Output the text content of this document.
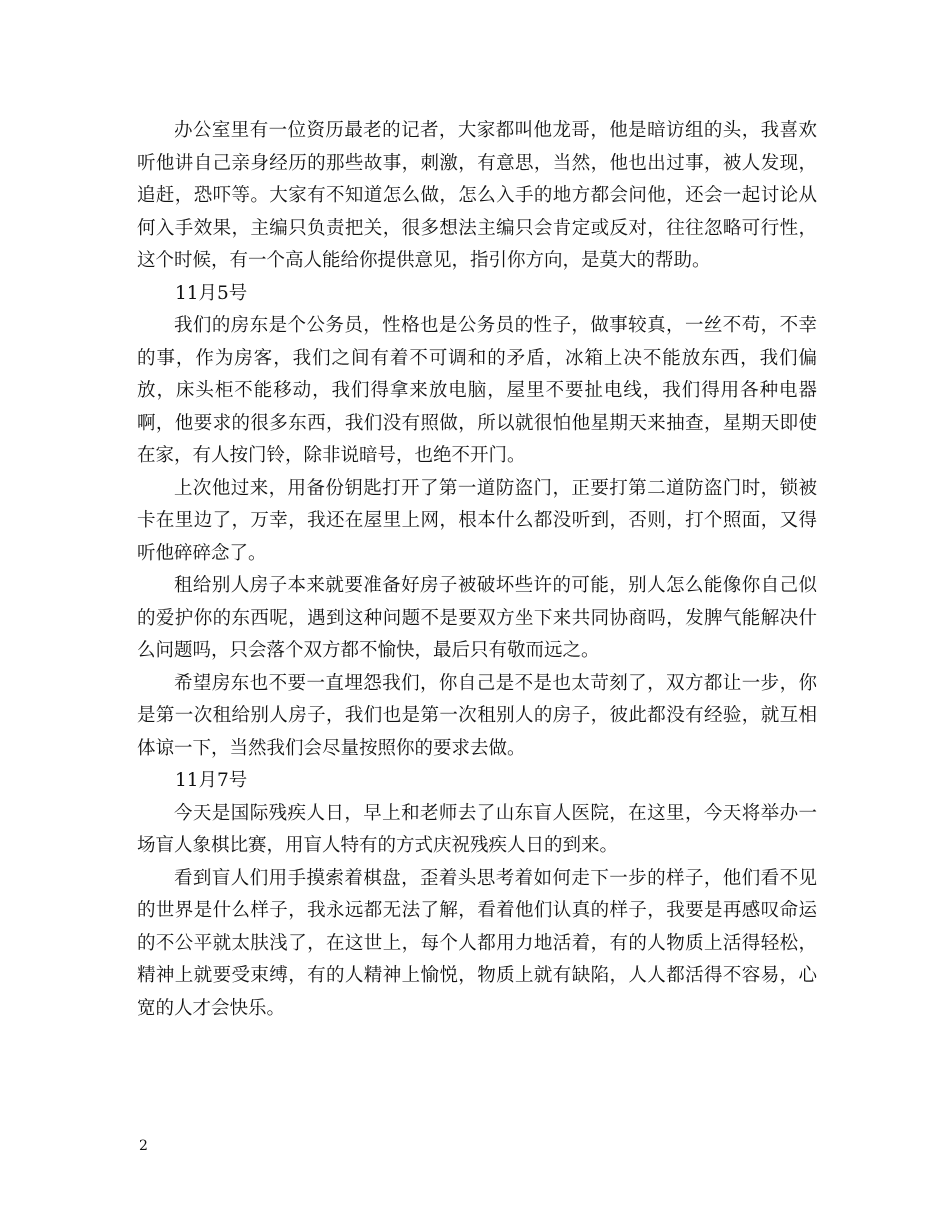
办公室里有一位资历最老的记者，大家都叫他龙哥，他是暗访组的头，我喜欢听他讲自己亲身经历的那些故事，刺激，有意思，当然，他也出过事，被人发现，追赶，恐吓等。大家有不知道怎么做，怎么入手的地方都会问他，还会一起讨论从何入手效果，主编只负责把关，很多想法主编只会肯定或反对，往往忽略可行性，这个时候，有一个高人能给你提供意见，指引你方向，是莫大的帮助。

11月5号

我们的房东是个公务员，性格也是公务员的性子，做事较真，一丝不苟，不幸的事，作为房客，我们之间有着不可调和的矛盾，冰箱上决不能放东西，我们偏放，床头柜不能移动，我们得拿来放电脑，屋里不要扯电线，我们得用各种电器啊，他要求的很多东西，我们没有照做，所以就很怕他星期天来抽查，星期天即使在家，有人按门铃，除非说暗号，也绝不开门。

上次他过来，用备份钥匙打开了第一道防盗门，正要打第二道防盗门时，锁被卡在里边了，万幸，我还在屋里上网，根本什么都没听到，否则，打个照面，又得听他碎碎念了。

租给别人房子本来就要准备好房子被破坏些许的可能，别人怎么能像你自己似的爱护你的东西呢，遇到这种问题不是要双方坐下来共同协商吗，发脾气能解决什么问题吗，只会落个双方都不愉快，最后只有敬而远之。

希望房东也不要一直埋怨我们，你自己是不是也太苛刻了，双方都让一步，你是第一次租给别人房子，我们也是第一次租别人的房子，彼此都没有经验，就互相体谅一下，当然我们会尽量按照你的要求去做。

11月7号

今天是国际残疾人日，早上和老师去了山东盲人医院，在这里，今天将举办一场盲人象棋比赛，用盲人特有的方式庆祝残疾人日的到来。

看到盲人们用手摸索着棋盘，歪着头思考着如何走下一步的样子，他们看不见的世界是什么样子，我永远都无法了解，看着他们认真的样子，我要是再感叹命运的不公平就太肤浅了，在这世上，每个人都用力地活着，有的人物质上活得轻松，精神上就要受束缚，有的人精神上愉悦，物质上就有缺陷，人人都活得不容易，心宽的人才会快乐。

2
